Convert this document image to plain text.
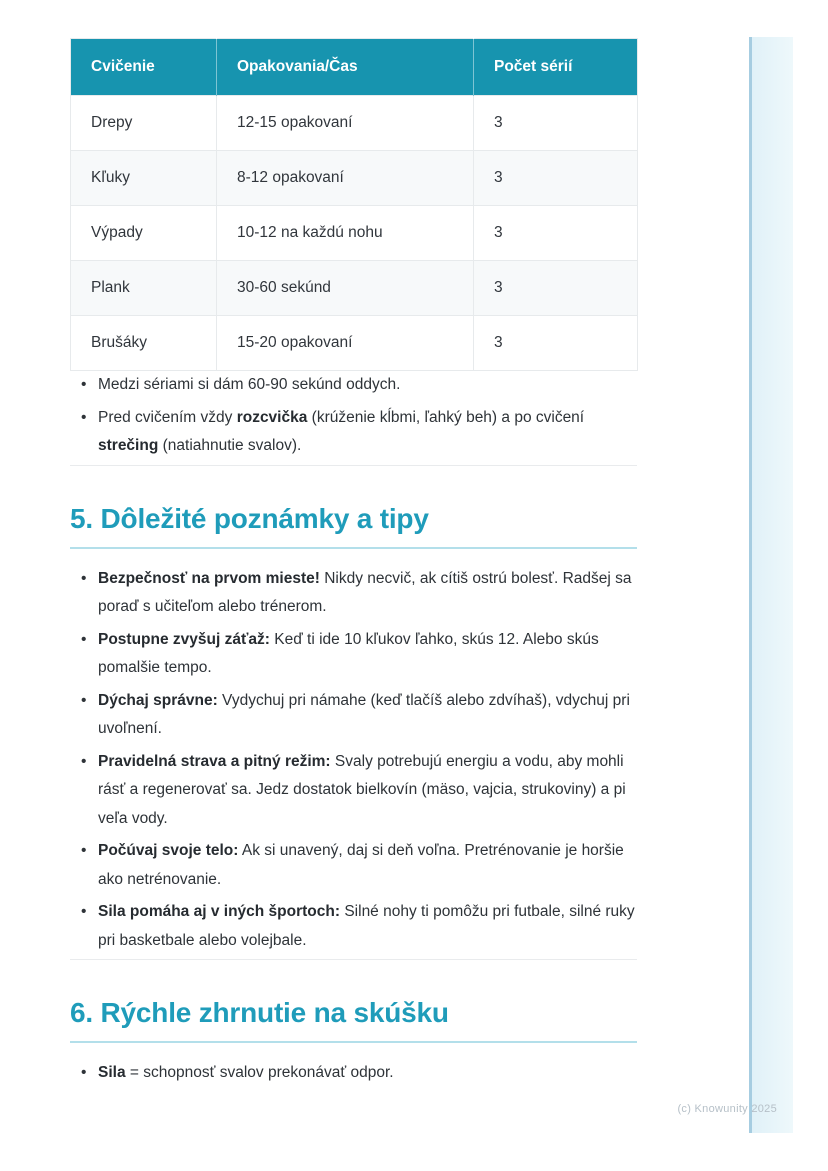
Cvičenie	Opakovania/Čas	Počet sérií
Drepy	12-15 opakovaní	3
Kľuky	8-12 opakovaní	3
Výpady	10-12 na každú nohu	3
Plank	30-60 sekúnd	3
Brušáky	15-20 opakovaní	3
• Medzi sériami si dám 60-90 sekúnd oddych.
• Pred cvičením vždy rozcvička (krúženie kĺbmi, ľahký beh) a po cvičení strečing (natiahnutie svalov).
5. Dôležité poznámky a tipy
• Bezpečnosť na prvom mieste! Nikdy necvič, ak cítiš ostrú bolesť. Radšej sa poraď s učiteľom alebo trénerom.
• Postupne zvyšuj záťaž: Keď ti ide 10 kľukov ľahko, skús 12. Alebo skús pomalšie tempo.
• Dýchaj správne: Vydychuj pri námahe (keď tlačíš alebo zdvíhaš), vdychuj pri uvoľnení.
• Pravidelná strava a pitný režim: Svaly potrebujú energiu a vodu, aby mohli rásť a regenerovať sa. Jedz dostatok bielkovín (mäso, vajcia, strukoviny) a pi veľa vody.
• Počúvaj svoje telo: Ak si unavený, daj si deň voľna. Pretrénovanie je horšie ako netrénovanie.
• Sila pomáha aj v iných športoch: Silné nohy ti pomôžu pri futbale, silné ruky pri basketbale alebo volejbale.
6. Rýchle zhrnutie na skúšku
• Sila = schopnosť svalov prekonávať odpor.
(c) Knowunity 2025
